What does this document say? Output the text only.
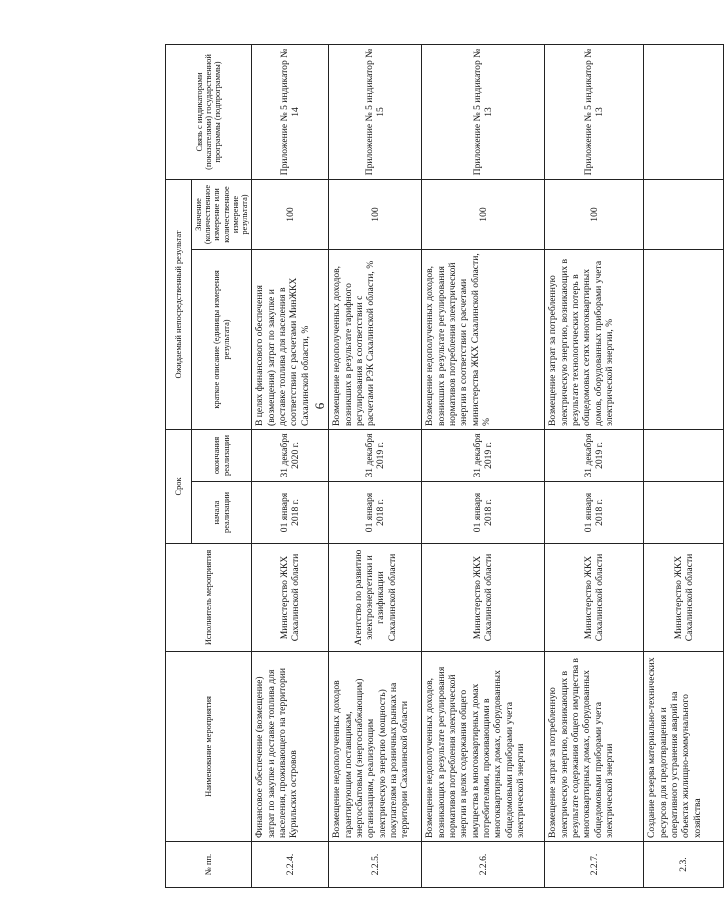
6
№ пп.	Наименование мероприятия	Исполнитель мероприятия	Срок		Ожидаемый непосредственный результат		Связь с индикаторами (показателями) государственной программы (подпрограммы)
			начала реализации	окончания реализации	краткое описание (единицы измерения результата)	Значение (количественное измерение или количественное измерение результата)	
2.2.4.	Финансовое обеспечение (возмещение) затрат по закупке и доставке топлива для населения, проживающего на территории Курильских островов	Министерство ЖКХ Сахалинской области	01 января 2018 г.	31 декабря 2020 г.	В целях финансового обеспечения (возмещения) затрат по закупке и доставке топлива для населения в соответствии с расчетами МинЖКХ Сахалинской области, %	100	Приложение № 5 индикатор № 14
2.2.5.	Возмещение недополученных доходов гарантирующим поставщикам, энергосбытовым (энергоснабжающим) организациям, реализующим электрическую энергию (мощность) покупателям на розничных рынках на территории Сахалинской области	Агентство по развитию электроэнергетики и газификации Сахалинской области	01 января 2018 г.	31 декабря 2019 г.	Возмещение недополученных доходов, возникших в результате тарифного регулирования в соответствии с расчетами РЭК Сахалинской области, %	100	Приложение № 5 индикатор № 15
2.2.6.	Возмещение недополученных доходов, возникающих в результате регулирования нормативов потребления электрической энергии в целях содержания общего имущества в многоквартирных домах потребителями, проживающими в многоквартирных домах, оборудованных общедомовыми приборами учета электрической энергии	Министерство ЖКХ Сахалинской области	01 января 2018 г.	31 декабря 2019 г.	Возмещение недополученных доходов, возникших в результате регулирования нормативов потребления электрической энергии в соответствии с расчетами министерства ЖКХ Сахалинской области, %	100	Приложение № 5 индикатор № 13
2.2.7.	Возмещение затрат за потребленную электрическую энергию, возникающих в результате содержания общего имущества в многоквартирных домах, оборудованных общедомовыми приборами учета электрической энергии	Министерство ЖКХ Сахалинской области	01 января 2018 г.	31 декабря 2019 г.	Возмещение затрат за потребленную электрическую энергию, возникающих в результате технологических потерь в общедомовых сетях многоквартирных домов, оборудованных приборами учета электрической энергии, %	100	Приложение № 5 индикатор № 13
2.3.	Создание резерва материально-технических ресурсов для предотвращения и оперативного устранения аварий на объектах жилищно-коммунального хозяйства	Министерство ЖКХ Сахалинской области					
